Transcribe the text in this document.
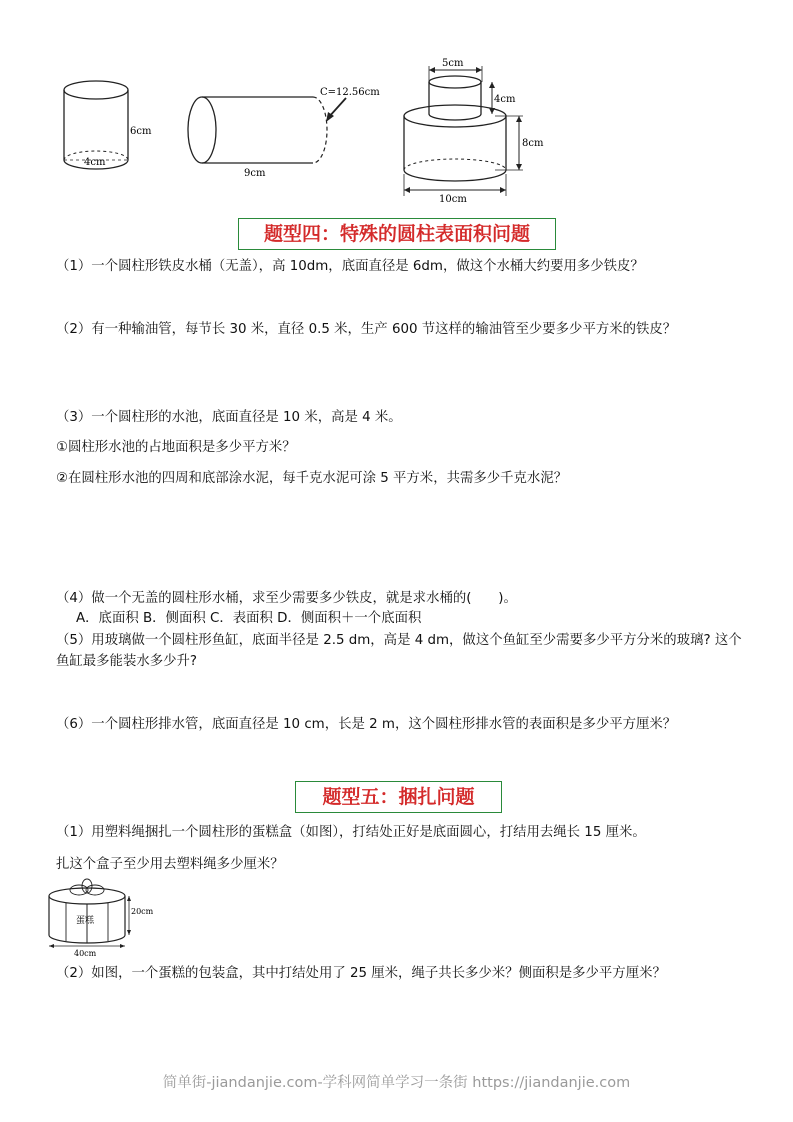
6cm
4cm
C=12.56cm
9cm
5cm
4cm
8cm
10cm
题型四：特殊的圆柱表面积问题
（1）一个圆柱形铁皮水桶（无盖），高 10dm，底面直径是 6dm，做这个水桶大约要用多少铁皮？
（2）有一种输油管，每节长 30 米，直径 0.5 米，生产 600 节这样的输油管至少要多少平方米的铁皮？
（3）一个圆柱形的水池，底面直径是 10 米，高是 4 米。
①圆柱形水池的占地面积是多少平方米？
②在圆柱形水池的四周和底部涂水泥，每千克水泥可涂 5 平方米，共需多少千克水泥？
（4）做一个无盖的圆柱形水桶，求至少需要多少铁皮，就是求水桶的(　　)。
A．底面积 B．侧面积 C．表面积 D．侧面积＋一个底面积
（5）用玻璃做一个圆柱形鱼缸，底面半径是 2.5 dm，高是 4 dm，做这个鱼缸至少需要多少平方分米的玻璃? 这个鱼缸最多能装水多少升?
（6）一个圆柱形排水管，底面直径是 10 cm，长是 2 m，这个圆柱形排水管的表面积是多少平方厘米？
题型五：捆扎问题
（1）用塑料绳捆扎一个圆柱形的蛋糕盒（如图），打结处正好是底面圆心，打结用去绳长 15 厘米。
扎这个盒子至少用去塑料绳多少厘米？
蛋糕
20cm
40cm
（2）如图，一个蛋糕的包装盒，其中打结处用了 25 厘米，绳子共长多少米？侧面积是多少平方厘米？
简单街-jiandanjie.com-学科网简单学习一条街 https://jiandanjie.com
